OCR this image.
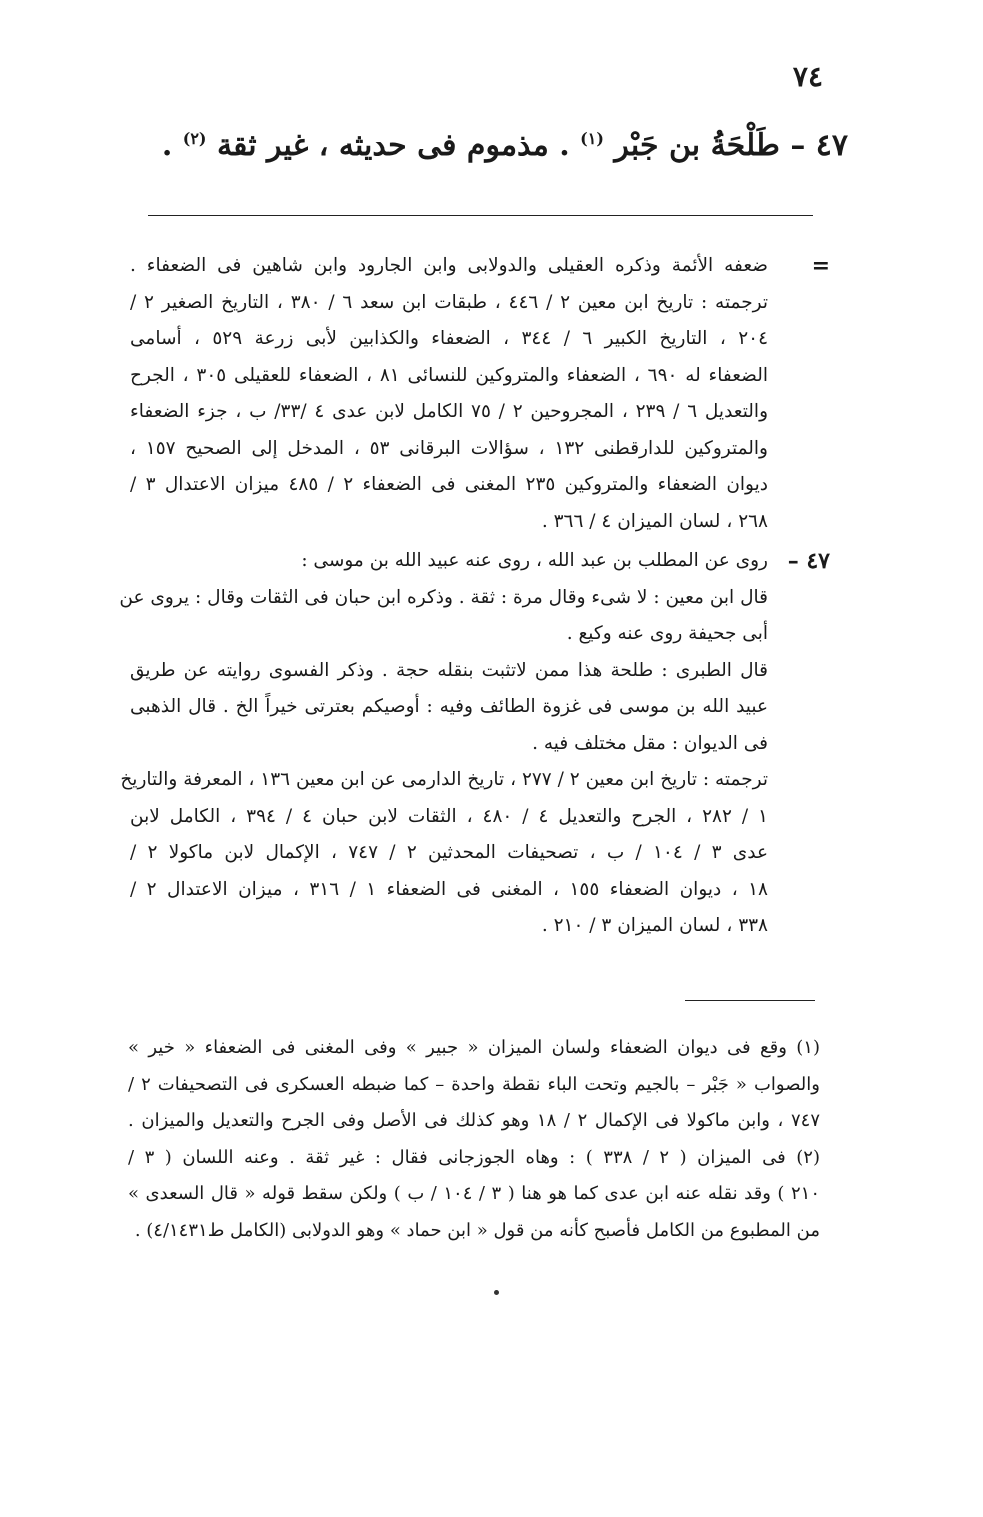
٧٤
٤٧ – طَلْحَةُ بن جَبْر $^{(١)}$ . مذموم فى حديثه ، غير ثقة $^{(٢)}$ .
=
ضعفه الأئمة وذكره العقيلى والدولابى وابن الجارود وابن شاهين فى الضعفاء .
ترجمته : تاريخ ابن معين ٢ / ٤٤٦ ، طبقات ابن سعد ٦ / ٣٨٠ ، التاريخ الصغير ٢ /
٢٠٤ ، التاريخ الكبير ٦ / ٣٤٤ ، الضعفاء والكذابين لأبى زرعة ٥٢٩ ، أسامى
الضعفاء له ٦٩٠ ، الضعفاء والمتروكين للنسائى ٨١ ، الضعفاء للعقيلى ٣٠٥ ، الجرح
والتعديل ٦ / ٢٣٩ ، المجروحين ٢ / ٧٥ الكامل لابن عدى ٤ /٣٣/ ب ، جزء الضعفاء
والمتروكين للدارقطنى ١٣٢ ، سؤالات البرقانى ٥٣ ، المدخل إلى الصحيح ١٥٧ ،
ديوان الضعفاء والمتروكين ٢٣٥ المغنى فى الضعفاء ٢ / ٤٨٥ ميزان الاعتدال ٣ /
٢٦٨ ، لسان الميزان ٤ / ٣٦٦ .
٤٧ –
روى عن المطلب بن عبد الله ، روى عنه عبيد الله بن موسى :
قال ابن معين : لا شىء وقال مرة : ثقة . وذكره ابن حبان فى الثقات وقال : يروى عن
أبى جحيفة روى عنه وكيع .
قال الطبرى : طلحة هذا ممن لاتثبت بنقله حجة . وذكر الفسوى روايته عن طريق
عبيد الله بن موسى فى غزوة الطائف وفيه : أوصيكم بعترتى خيراً الخ . قال الذهبى
فى الديوان : مقل مختلف فيه .
ترجمته : تاريخ ابن معين ٢ / ٢٧٧ ، تاريخ الدارمى عن ابن معين ١٣٦ ، المعرفة والتاريخ
١ / ٢٨٢ ، الجرح والتعديل ٤ / ٤٨٠ ، الثقات لابن حبان ٤ / ٣٩٤ ، الكامل لابن
عدى ٣ / ١٠٤ / ب ، تصحيفات المحدثين ٢ / ٧٤٧ ، الإكمال لابن ماكولا ٢ /
١٨ ، ديوان الضعفاء ١٥٥ ، المغنى فى الضعفاء ١ / ٣١٦ ، ميزان الاعتدال ٢ /
٣٣٨ ، لسان الميزان ٣ / ٢١٠ .
(١) وقع فى ديوان الضعفاء ولسان الميزان « جبير » وفى المغنى فى الضعفاء « خير »
والصواب « جَبْر – بالجيم وتحت الباء نقطة واحدة – كما ضبطه العسكرى فى التصحيفات ٢ /
٧٤٧ ، وابن ماكولا فى الإكمال ٢ / ١٨ وهو كذلك فى الأصل وفى الجرح والتعديل والميزان .
(٢) فى الميزان ( ٢ / ٣٣٨ ) : وهاه الجوزجانى فقال : غير ثقة . وعنه اللسان ( ٣ /
٢١٠ ) وقد نقله عنه ابن عدى كما هو هنا ( ٣ / ١٠٤ / ب ) ولكن سقط قوله « قال السعدى »
من المطبوع من الكامل فأصبح كأنه من قول « ابن حماد » وهو الدولابى (الكامل ط٤/١٤٣١) .
